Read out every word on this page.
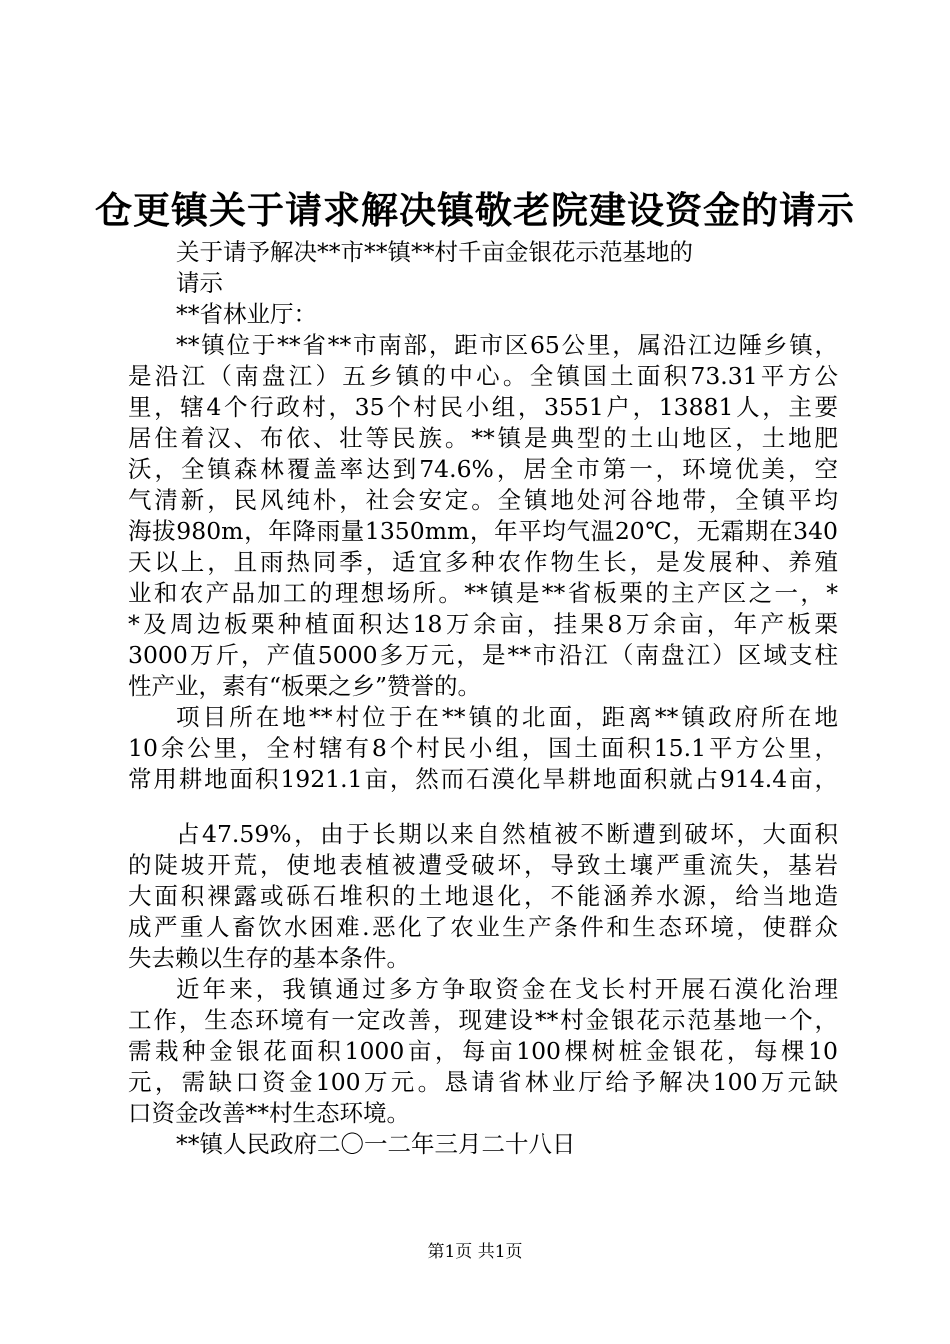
仓更镇关于请求解决镇敬老院建设资金的请示
关于请予解决**市**镇**村千亩金银花示范基地的
请示
**省林业厅：
**镇位于**省**市南部，距市区65公里，属沿江边陲乡镇，
是沿江（南盘江）五乡镇的中心。全镇国土面积73.31平方公
里，辖4个行政村，35个村民小组，3551户，13881人，主要
居住着汉、布依、壮等民族。**镇是典型的土山地区，土地肥
沃，全镇森林覆盖率达到74.6%，居全市第一，环境优美，空
气清新，民风纯朴，社会安定。全镇地处河谷地带，全镇平均
海拔980m，年降雨量1350mm，年平均气温20℃，无霜期在340
天以上，且雨热同季，适宜多种农作物生长，是发展种、养殖
业和农产品加工的理想场所。**镇是**省板栗的主产区之一，*
*及周边板栗种植面积达18万余亩，挂果8万余亩，年产板栗
3000万斤，产值5000多万元，是**市沿江（南盘江）区域支柱
性产业，素有“板栗之乡”赞誉的。
项目所在地**村位于在**镇的北面，距离**镇政府所在地
10余公里，全村辖有8个村民小组，国土面积15.1平方公里，
常用耕地面积1921.1亩，然而石漠化旱耕地面积就占914.4亩，
占47.59%，由于长期以来自然植被不断遭到破坏，大面积
的陡坡开荒，使地表植被遭受破坏，导致土壤严重流失，基岩
大面积裸露或砾石堆积的土地退化，不能涵养水源，给当地造
成严重人畜饮水困难.恶化了农业生产条件和生态环境，使群众
失去赖以生存的基本条件。
近年来，我镇通过多方争取资金在戈长村开展石漠化治理
工作，生态环境有一定改善，现建设**村金银花示范基地一个，
需栽种金银花面积1000亩，每亩100棵树桩金银花，每棵10
元，需缺口资金100万元。恳请省林业厅给予解决100万元缺
口资金改善**村生态环境。
**镇人民政府二〇一二年三月二十八日
第1页 共1页
